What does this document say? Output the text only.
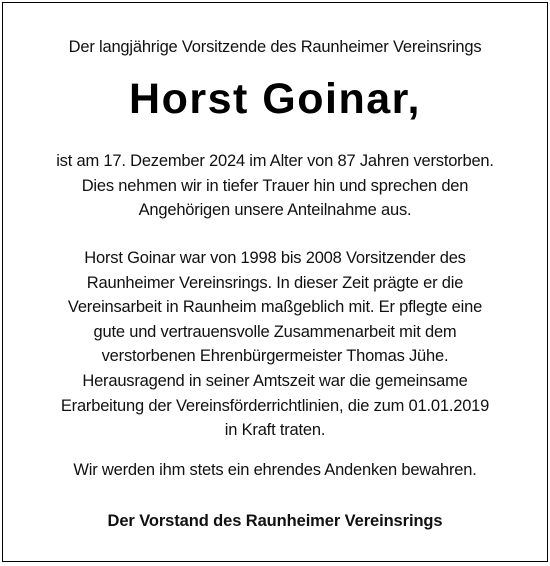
Der langjährige Vorsitzende des Raunheimer Vereinsrings
Horst Goinar,
ist am 17. Dezember 2024 im Alter von 87 Jahren verstorben.
Dies nehmen wir in tiefer Trauer hin und sprechen den
Angehörigen unsere Anteilnahme aus.
Horst Goinar war von 1998 bis 2008 Vorsitzender des
Raunheimer Vereinsrings. In dieser Zeit prägte er die
Vereinsarbeit in Raunheim maßgeblich mit. Er pflegte eine
gute und vertrauensvolle Zusammenarbeit mit dem
verstorbenen Ehrenbürgermeister Thomas Jühe.
Herausragend in seiner Amtszeit war die gemeinsame
Erarbeitung der Vereinsförderrichtlinien, die zum 01.01.2019
in Kraft traten.
Wir werden ihm stets ein ehrendes Andenken bewahren.
Der Vorstand des Raunheimer Vereinsrings
